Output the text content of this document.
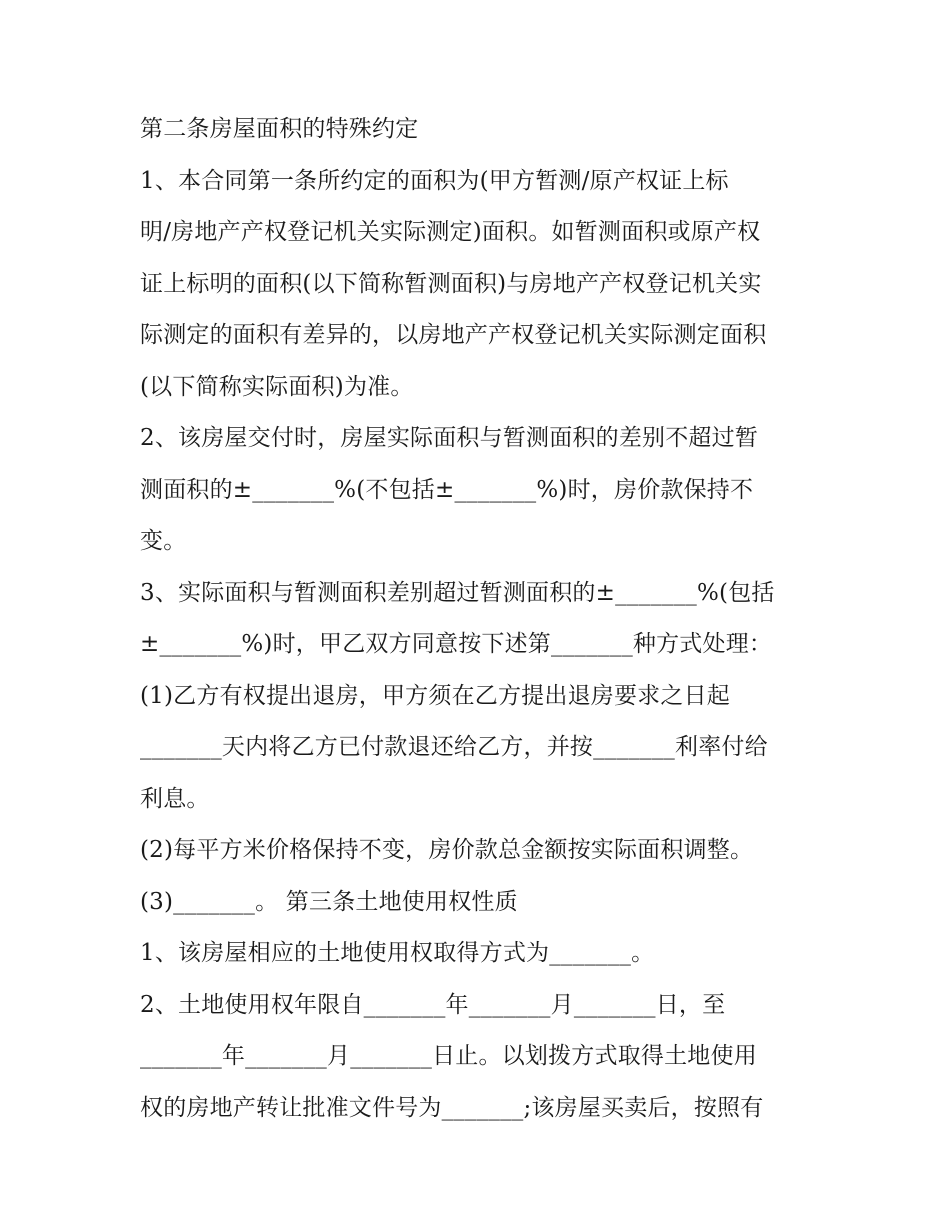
第二条房屋面积的特殊约定
1、本合同第一条所约定的面积为(甲方暂测/原产权证上标
明/房地产产权登记机关实际测定)面积。如暂测面积或原产权
证上标明的面积(以下简称暂测面积)与房地产产权登记机关实
际测定的面积有差异的，以房地产产权登记机关实际测定面积
(以下简称实际面积)为准。
2、该房屋交付时，房屋实际面积与暂测面积的差别不超过暂
测面积的±_______%(不包括±_______%)时，房价款保持不
变。
3、实际面积与暂测面积差别超过暂测面积的±_______%(包括
±_______%)时，甲乙双方同意按下述第_______种方式处理：
(1)乙方有权提出退房，甲方须在乙方提出退房要求之日起
_______天内将乙方已付款退还给乙方，并按_______利率付给
利息。
(2)每平方米价格保持不变，房价款总金额按实际面积调整。
(3)_______。 第三条土地使用权性质
1、该房屋相应的土地使用权取得方式为_______。
2、土地使用权年限自_______年_______月_______日，至
_______年_______月_______日止。以划拨方式取得土地使用
权的房地产转让批准文件号为_______;该房屋买卖后，按照有
